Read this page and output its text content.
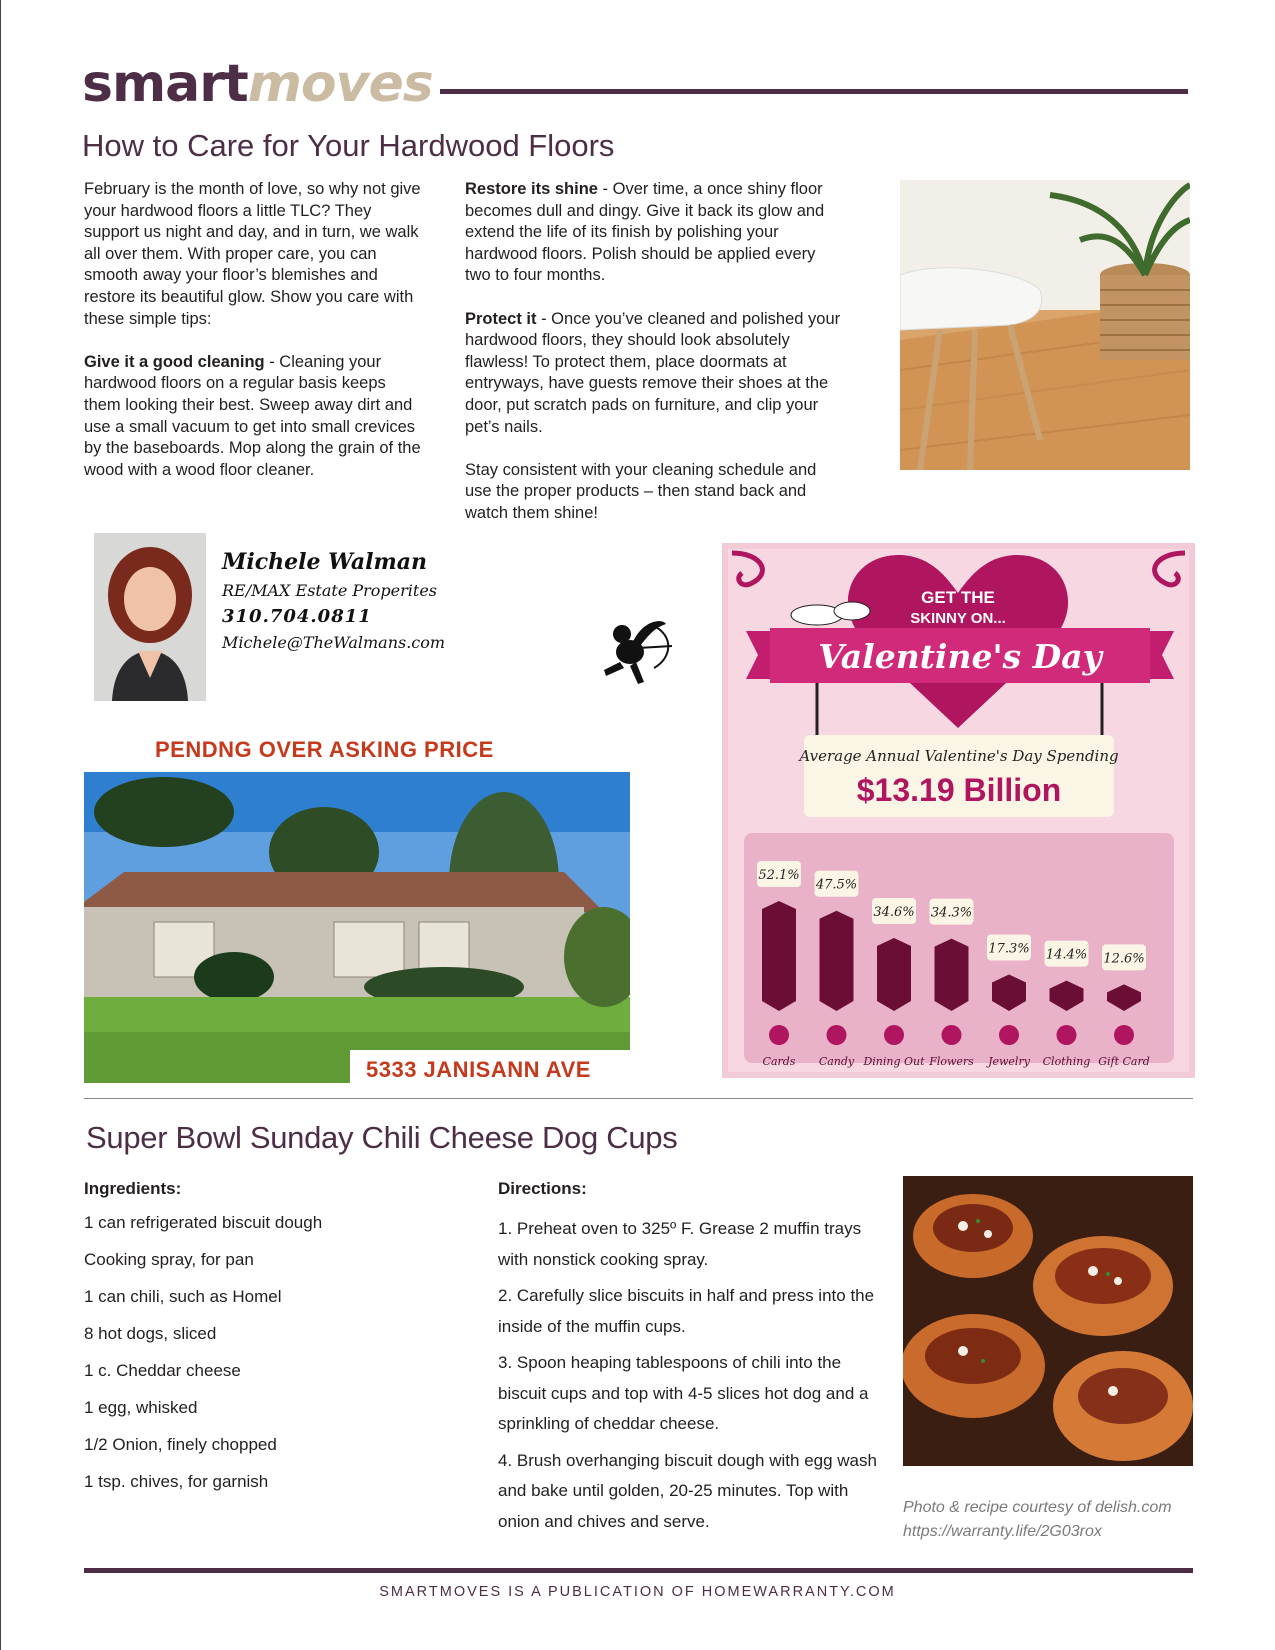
smartmoves
How to Care for Your Hardwood Floors

February is the month of love, so why not give your hardwood floors a little TLC? They support us night and day, and in turn, we walk all over them. With proper care, you can smooth away your floor’s blemishes and restore its beautiful glow. Show you care with these simple tips:

Give it a good cleaning - Cleaning your hardwood floors on a regular basis keeps them looking their best. Sweep away dirt and use a small vacuum to get into small crevices by the baseboards. Mop along the grain of the wood with a wood floor cleaner.

Restore its shine - Over time, a once shiny floor becomes dull and dingy. Give it back its glow and extend the life of its finish by polishing your hardwood floors. Polish should be applied every two to four months.

Protect it - Once you’ve cleaned and polished your hardwood floors, they should look absolutely flawless! To protect them, place doormats at entryways, have guests remove their shoes at the door, put scratch pads on furniture, and clip your pet’s nails.

Stay consistent with your cleaning schedule and use the proper products – then stand back and watch them shine!

Michele Walman
RE/MAX Estate Properites
310.704.0811
Michele@TheWalmans.com
PENDNG OVER ASKING PRICE
5333 JANISANN AVE
GET THE
SKINNY ON...
Valentine's Day
Average Annual Valentine's Day Spending
$13.19 Billion
52.1%
Cards
47.5%
Candy
34.6%
Dining Out
34.3%
Flowers
17.3%
Jewelry
14.4%
Clothing
12.6%
Gift Card
Super Bowl Sunday Chili Cheese Dog Cups
Ingredients:
1 can refrigerated biscuit dough
Cooking spray, for pan
1 can chili, such as Homel
8 hot dogs, sliced
1 c. Cheddar cheese
1 egg, whisked
1/2 Onion, finely chopped
1 tsp. chives, for garnish
Directions:
1. Preheat oven to 325º F. Grease 2 muffin trays with nonstick cooking spray.
2. Carefully slice biscuits in half and press into the inside of the muffin cups.
3. Spoon heaping tablespoons of chili into the biscuit cups and top with 4-5 slices hot dog and a sprinkling of cheddar cheese.
4. Brush overhanging biscuit dough with egg wash and bake until golden, 20-25 minutes. Top with onion and chives and serve.
Photo & recipe courtesy of delish.com
https://warranty.life/2G03rox
SMARTMOVES IS A PUBLICATION OF HOMEWARRANTY.COM
